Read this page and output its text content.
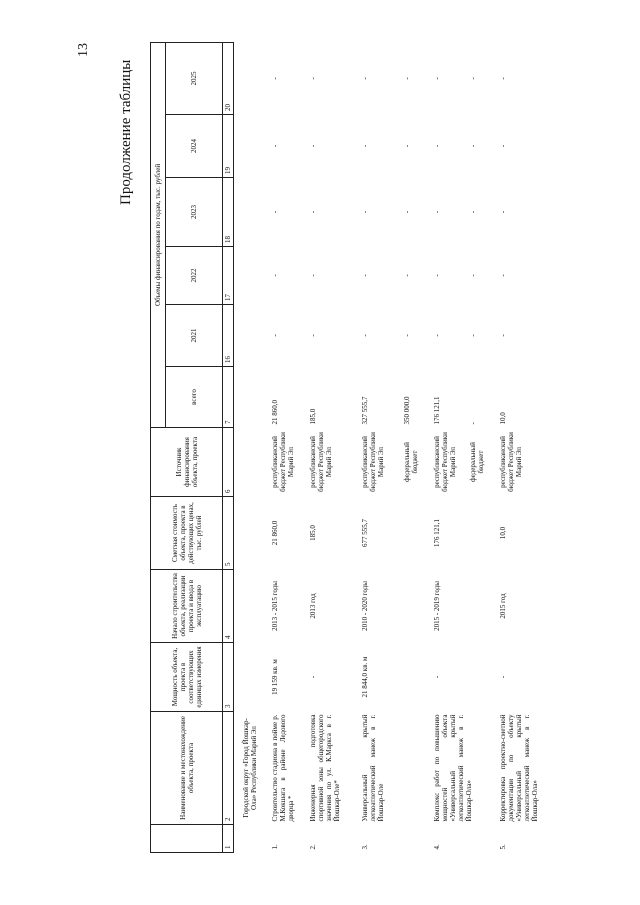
13
Продолжение таблицы
	Наименование и местонахождение объекта, проекта	Мощность объекта, проекта в соответствующих единицах измерения	Начало строительства объекта, реализации проекта и ввода в эксплуатацию	Сметная стоимость объекта, проекта в действующих ценах, тыс. рублей	Источник финансирования объекта, проекта	Объемы финансирования по годам, тыс. рублей					
						всего	2021	2022	2023	2024	2025
1	2	3	4	5	6	7	16	17	18	19	20
	Городской округ «Город Йошкар-Ола» Республики Марий Эл										
1.	Строительство стадиона в пойме р. М.Кокшага в районе Ледового дворца *	19 159 кв. м	2013 - 2015 годы	21 860,0	республиканский бюджет Республики Марий Эл	21 860,0	-	-	-	-	-
2.	Инженерная подготовка спортивной зоны общегородского значения по ул. К.Маркса в г. Йошкар-Оле*	-	2013 год	185,0	республиканский бюджет Республики Марий Эл	185,0	-	-	-	-	-
3.	Универсальный крытый легкоатлетический манеж в г. Йошкар-Оле	21 844,0 кв. м	2010 - 2020 годы	677 555,7	республиканский бюджет Республики Марий Эл	327 555,7	-	-	-	-	-
					федеральный бюджет	350 000,0	-	-	-	-	-
4.	Комплекс работ по повышению мощностей объекта «Универсальный крытый легкоатлетический манеж в г. Йошкар-Ола»	-	2015 - 2019 годы	176 121,1	республиканский бюджет Республики Марий Эл	176 121,1	-	-	-	-	-
					федеральный бюджет	-	-	-	-	-	-
5.	Корректировка проектно-сметной документации по объекту «Универсальный крытый легкоатлетический манеж в г. Йошкар-Ола»	-	2015 год	10,0	республиканский бюджет Республики Марий Эл	10,0	-	-	-	-	-
